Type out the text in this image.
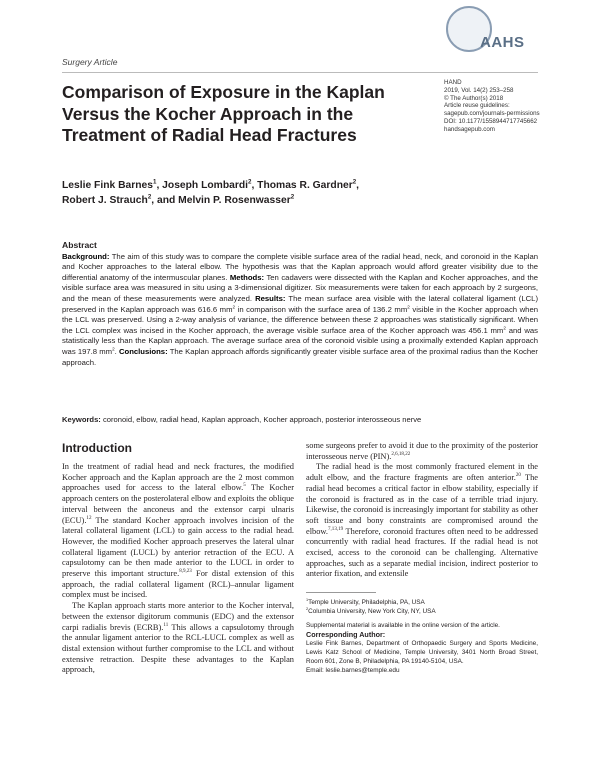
AAHS
Surgery Article
Comparison of Exposure in the Kaplan Versus the Kocher Approach in the Treatment of Radial Head Fractures
HAND
2019, Vol. 14(2) 253–258
© The Author(s) 2018
Article reuse guidelines:
sagepub.com/journals-permissions
DOI: 10.1177/1558944717745662
handsagepub.com
Leslie Fink Barnes$^1$, Joseph Lombardi$^2$, Thomas R. Gardner$^2$,
Robert J. Strauch$^2$, and Melvin P. Rosenwasser$^2$
Abstract
Background: The aim of this study was to compare the complete visible surface area of the radial head, neck, and coronoid in the Kaplan and Kocher approaches to the lateral elbow. The hypothesis was that the Kaplan approach would afford greater visibility due to the differential anatomy of the intermuscular planes. Methods: Ten cadavers were dissected with the Kaplan and Kocher approaches, and the visible surface area was measured in situ using a 3-dimensional digitizer. Six measurements were taken for each approach by 2 surgeons, and the mean of these measurements were analyzed. Results: The mean surface area visible with the lateral collateral ligament (LCL) preserved in the Kaplan approach was 616.6 $mm^2$ in comparison with the surface area of 136.2 $mm^2$ visible in the Kocher approach when the LCL was preserved. Using a 2-way analysis of variance, the difference between these 2 approaches was statistically significant. When the LCL complex was incised in the Kocher approach, the average visible surface area of the Kocher approach was 456.1 $mm^2$ and was statistically less than the Kaplan approach. The average surface area of the coronoid visible using a proximally extended Kaplan approach was 197.8 $mm^2$. Conclusions: The Kaplan approach affords significantly greater visible surface area of the proximal radius than the Kocher approach.
Keywords: coronoid, elbow, radial head, Kaplan approach, Kocher approach, posterior interosseous nerve
Introduction

In the treatment of radial head and neck fractures, the modified Kocher approach and the Kaplan approach are the 2 most common approaches used for access to the lateral elbow.$^5$ The Kocher approach centers on the posterolateral elbow and exploits the oblique interval between the anconeus and the extensor carpi ulnaris (ECU).$^{12}$ The standard Kocher approach involves incision of the lateral collateral ligament (LCL) to gain access to the radial head. However, the modified Kocher approach preserves the lateral ulnar collateral ligament (LUCL) by anterior retraction of the ECU. A capsulotomy can be then made anterior to the LUCL in order to preserve this important structure.$^{8,9,23}$ For distal extension of this approach, the radial collateral ligament (RCL)–annular ligament complex must be incised.

The Kaplan approach starts more anterior to the Kocher interval, between the extensor digitorum communis (EDC) and the extensor carpi radialis brevis (ECRB).$^{11}$ This allows a capsulotomy through the annular ligament anterior to the RCL-LUCL complex as well as distal extension without further compromise to the LCL and without extensive retraction. Despite these advantages to the Kaplan approach,

some surgeons prefer to avoid it due to the proximity of the posterior interosseous nerve (PIN).$^{2,6,18,22}$

The radial head is the most commonly fractured element in the adult elbow, and the fracture fragments are often anterior.$^{20}$ The radial head becomes a critical factor in elbow stability, especially if the coronoid is fractured as in the case of a terrible triad injury. Likewise, the coronoid is increasingly important for stability as other soft tissue and bony constraints are compromised around the elbow.$^{7,13,19}$ Therefore, coronoid fractures often need to be addressed concurrently with radial head fractures. If the radial head is not excised, access to the coronoid can be challenging. Alternative approaches, such as a separate medial incision, indirect posterior to anterior fixation, and extensile

$^1$Temple University, Philadelphia, PA, USA

$^2$Columbia University, New York City, NY, USA

Supplemental material is available in the online version of the article.

Corresponding Author:

Leslie Fink Barnes, Department of Orthopaedic Surgery and Sports Medicine, Lewis Katz School of Medicine, Temple University, 3401 North Broad Street, Room 601, Zone B, Philadelphia, PA 19140-5104, USA.

Email: leslie.barnes@temple.edu
